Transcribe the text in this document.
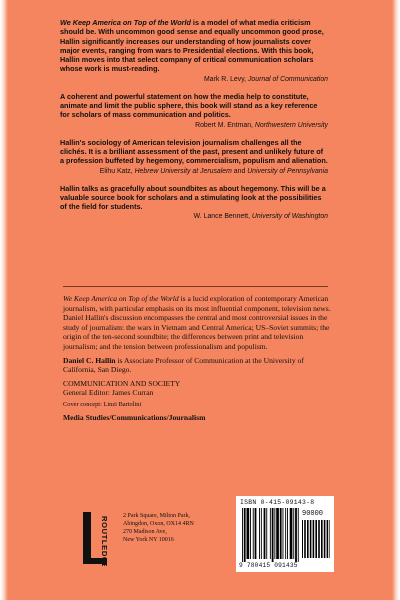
We Keep America on Top of the World is a model of what media criticism should be. With uncommon good sense and equally uncommon good prose, Hallin significantly increases our understanding of how journalists cover major events, ranging from wars to Presidential elections. With this book, Hallin moves into that select company of critical communication scholars whose work is must-reading.

Mark R. Levy, Journal of Communication

A coherent and powerful statement on how the media help to constitute, animate and limit the public sphere, this book will stand as a key reference for scholars of mass communication and politics.

Robert M. Entman, Northwestern University

Hallin's sociology of American television journalism challenges all the clichés. It is a brilliant assessment of the past, present and unlikely future of a profession buffeted by hegemony, commercialism, populism and alienation.

Elihu Katz, Hebrew University at Jerusalem and University of Pennsylvania

Hallin talks as gracefully about soundbites as about hegemony. This will be a valuable source book for scholars and a stimulating look at the possibilities of the field for students.

W. Lance Bennett, University of Washington

We Keep America on Top of the World is a lucid exploration of contemporary American journalism, with particular emphasis on its most influential component, television news. Daniel Hallin's discussion encompasses the central and most controversial issues in the study of journalism: the wars in Vietnam and Central America; US–Soviet summits; the origin of the ten-second soundbite; the differences between print and television journalism; and the tension between professionalism and populism.

Daniel C. Hallin is Associate Professor of Communication at the University of California, San Diego.

COMMUNICATION AND SOCIETY
General Editor: James Curran
Cover concept: Linzi Bartolini
Media Studies/Communications/Journalism
ROUTLEDGE 2 Park Square, Milton Park,
Abingdon, Oxon, OX14 4RN
270 Madison Ave,
New York NY 10016
ISBN 0-415-09143-8
90000
9 780415 091435
